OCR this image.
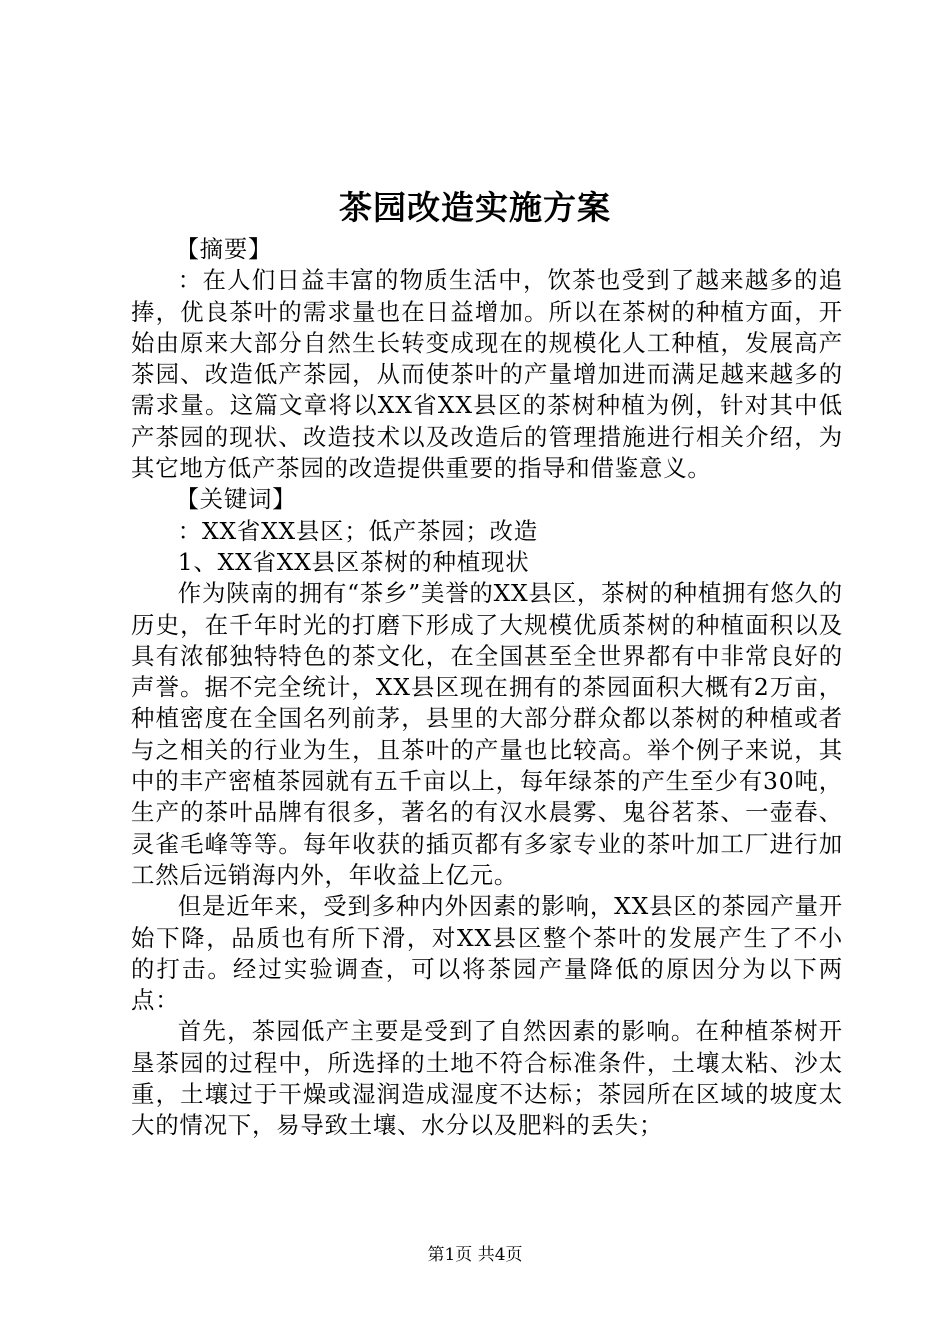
茶园改造实施方案

【摘要】

：在人们日益丰富的物质生活中，饮茶也受到了越来越多的追捧，优良茶叶的需求量也在日益增加。所以在茶树的种植方面，开始由原来大部分自然生长转变成现在的规模化人工种植，发展高产茶园、改造低产茶园，从而使茶叶的产量增加进而满足越来越多的需求量。这篇文章将以XX省XX县区的茶树种植为例，针对其中低产茶园的现状、改造技术以及改造后的管理措施进行相关介绍，为其它地方低产茶园的改造提供重要的指导和借鉴意义。

【关键词】

：XX省XX县区；低产茶园；改造

1、XX省XX县区茶树的种植现状

作为陕南的拥有“茶乡”美誉的XX县区，茶树的种植拥有悠久的历史，在千年时光的打磨下形成了大规模优质茶树的种植面积以及具有浓郁独特特色的茶文化，在全国甚至全世界都有中非常良好的声誉。据不完全统计，XX县区现在拥有的茶园面积大概有2万亩，种植密度在全国名列前茅，县里的大部分群众都以茶树的种植或者与之相关的行业为生，且茶叶的产量也比较高。举个例子来说，其中的丰产密植茶园就有五千亩以上，每年绿茶的产生至少有30吨，生产的茶叶品牌有很多，著名的有汉水晨雾、鬼谷茗茶、一壶春、灵雀毛峰等等。每年收获的插页都有多家专业的茶叶加工厂进行加工然后远销海内外，年收益上亿元。

但是近年来，受到多种内外因素的影响，XX县区的茶园产量开始下降，品质也有所下滑，对XX县区整个茶叶的发展产生了不小的打击。经过实验调查，可以将茶园产量降低的原因分为以下两点：

首先，茶园低产主要是受到了自然因素的影响。在种植茶树开垦茶园的过程中，所选择的土地不符合标准条件，土壤太粘、沙太重，土壤过于干燥或湿润造成湿度不达标；茶园所在区域的坡度太大的情况下，易导致土壤、水分以及肥料的丢失；

第1页 共4页
